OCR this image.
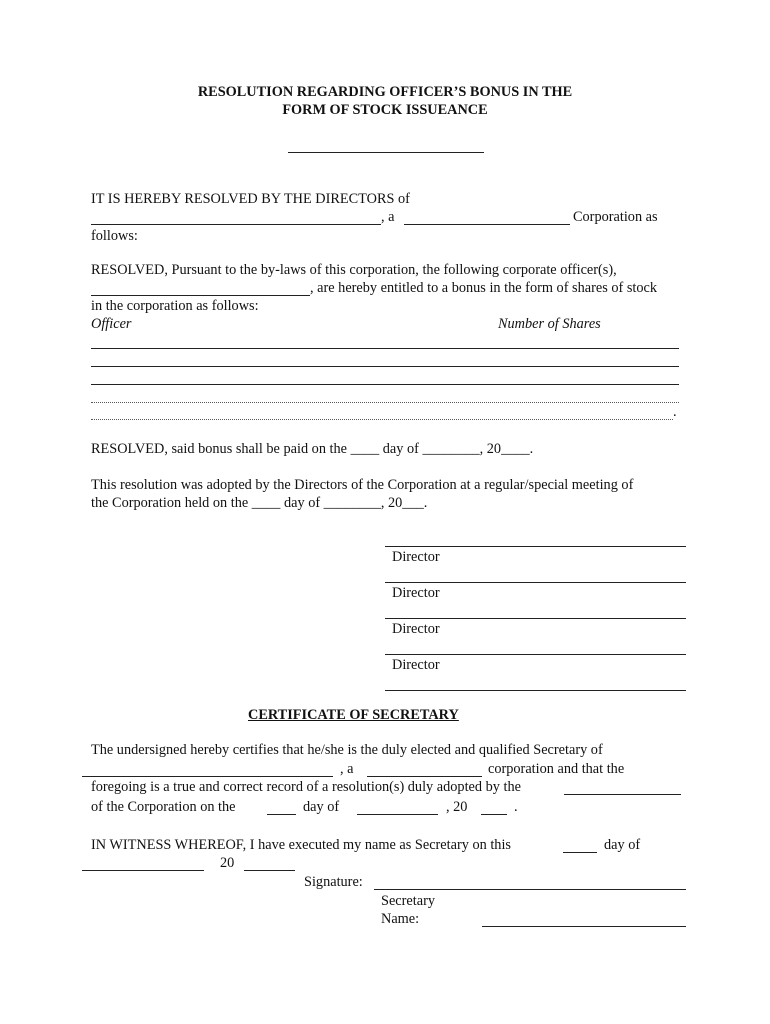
RESOLUTION REGARDING OFFICER’S BONUS IN THE
FORM OF STOCK ISSUEANCE
IT IS HEREBY RESOLVED BY THE DIRECTORS of
, a	Corporation as
follows:
RESOLVED, Pursuant to the by-laws of this corporation, the following corporate officer(s),
, are hereby entitled to a bonus in the form of shares of stock
in the corporation as follows:
Officer	Number of Shares
.
RESOLVED, said bonus shall be paid on the ____ day of ________, 20____.
This resolution was adopted by the Directors of the Corporation at a regular/special meeting of
the Corporation held on the ____ day of ________, 20___.
Director
Director
Director
Director
CERTIFICATE OF SECRETARY
The undersigned hereby certifies that he/she is the duly elected and qualified Secretary of
, a	corporation and that the
foregoing is a true and correct record of a resolution(s) duly adopted by the
of the Corporation on the	day of	, 20	.
IN WITNESS WHEREOF, I have executed my name as Secretary on this	day of
20
Signature:
Secretary
Name:
